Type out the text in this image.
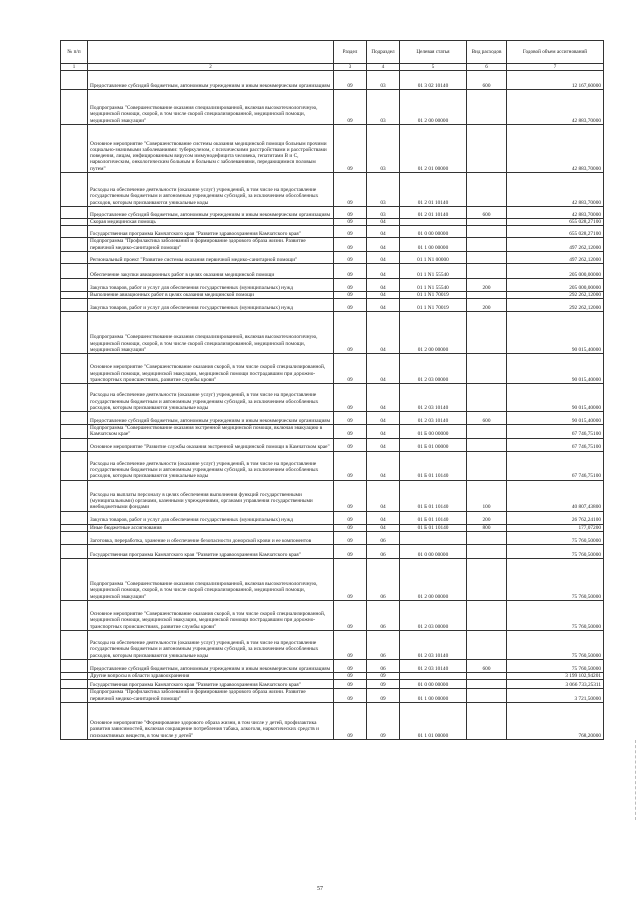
№ п/п		Раздел	Подраздел	Целевая статья	Вид расходов	Годовой объем ассигнований
1	2	3	4	5	6	7
	Предоставление субсидий бюджетным, автономным учреждениям и иным некоммерческим организациям	09	03	01 3 02 10140	600	12 167,60000
	Подпрограмма "Совершенствование оказания специализированной, включая высокотехнологичную, медицинской помощи, скорой, в том числе скорой специализированной, медицинской помощи, медицинской эвакуации"	09	03	01 2 00 00000		42 883,70000
	Основное мероприятие "Совершенствование системы оказания медицинской помощи больным прочими социально-значимыми заболеваниями: туберкулезом, с психическими расстройствами и расстройствами поведения, лицам, инфицированным вирусом иммунодефицита человека, гепатитами B и C, наркологическим, онкологическим больным и больным с заболеваниями, передающимися половым путем"	09	03	01 2 01 00000		42 883,70000
	Расходы на обеспечение деятельности (оказание услуг) учреждений, в том числе на предоставление государственным бюджетным и автономным учреждениям субсидий, за исключением обособленных расходов, которым присваиваются уникальные коды	09	03	01 2 01 10140		42 883,70000
	Предоставление субсидий бюджетным, автономным учреждениям и иным некоммерческим организациям	09	03	01 2 01 10140	600	42 883,70000
	Скорая медицинская помощь	09	04			655 028,27100
	Государственная программа Камчатского края "Развитие здравоохранения Камчатского края"	09	04	01 0 00 00000		655 028,27100
	Подпрограмма "Профилактика заболеваний и формирование здорового образа жизни. Развитие первичной медико-санитарной помощи"	09	04	01 1 00 00000		497 262,12000
	Региональный проект "Развитие системы оказания первичной медико-санитарной помощи"	09	04	01 1 N1 00000		497 262,12000
	Обеспечение закупки авиационных работ в целях оказания медицинской помощи	09	04	01 1 N1 55540		205 000,00000
	Закупка товаров, работ и услуг для обеспечения государственных (муниципальных) нужд	09	04	01 1 N1 55540	200	205 000,00000
	Выполнение авиационных работ в целях оказания медицинской помощи	09	04	01 1 N1 70019		292 262,12000
	Закупка товаров, работ и услуг для обеспечения государственных (муниципальных) нужд	09	04	01 1 N1 70019	200	292 262,12000
	Подпрограмма "Совершенствование оказания специализированной, включая высокотехнологичную, медицинской помощи, скорой, в том числе скорой специализированной, медицинской помощи, медицинской эвакуации"	09	04	01 2 00 00000		90 015,40000
	Основное мероприятие "Совершенствование оказания скорой, в том числе скорой специализированной, медицинской помощи, медицинской эвакуации, медицинской помощи пострадавшим при дорожно-транспортных происшествиях, развитие службы крови"	09	04	01 2 03 00000		90 015,40000
	Расходы на обеспечение деятельности (оказание услуг) учреждений, в том числе на предоставление государственным бюджетным и автономным учреждениям субсидий, за исключением обособленных расходов, которым присваиваются уникальные коды	09	04	01 2 03 10140		90 015,40000
	Предоставление субсидий бюджетным, автономным учреждениям и иным некоммерческим организациям	09	04	01 2 03 10140	600	90 015,40000
	Подпрограмма "Совершенствование оказания экстренной медицинской помощи, включая эвакуацию в Камчатском крае"	09	04	01 Б 00 00000		67 746,75100
	Основное мероприятие "Развитие службы оказания экстренной медицинской помощи в Камчатском крае"	09	04	01 Б 01 00000		67 746,75100
	Расходы на обеспечение деятельности (оказание услуг) учреждений, в том числе на предоставление государственным бюджетным и автономным учреждениям субсидий, за исключением обособленных расходов, которым присваиваются уникальные коды	09	04	01 Б 01 10140		67 746,75100
	Расходы на выплаты персоналу в целях обеспечения выполнения функций государственными (муниципальными) органами, казенными учреждениями, органами управления государственными внебюджетными фондами	09	04	01 Б 01 10140	100	40 807,43800
	Закупка товаров, работ и услуг для обеспечения государственных (муниципальных) нужд	09	04	01 Б 01 10140	200	26 762,24100
	Иные бюджетные ассигнования	09	04	01 Б 01 10140	800	177,07200
	Заготовка, переработка, хранение и обеспечение безопасности донорской крови и ее компонентов	09	06			75 760,50000
	Государственная программа Камчатского края "Развитие здравоохранения Камчатского края"	09	06	01 0 00 00000		75 760,50000
	Подпрограмма "Совершенствование оказания специализированной, включая высокотехнологичную, медицинской помощи, скорой, в том числе скорой специализированной, медицинской помощи, медицинской эвакуации"	09	06	01 2 00 00000		75 760,50000
	Основное мероприятие "Совершенствование оказания скорой, в том числе скорой специализированной, медицинской помощи, медицинской эвакуации, медицинской помощи пострадавшим при дорожно-транспортных происшествиях, развитие службы крови"	09	06	01 2 03 00000		75 760,50000
	Расходы на обеспечение деятельности (оказание услуг) учреждений, в том числе на предоставление государственным бюджетным и автономным учреждениям субсидий, за исключением обособленных расходов, которым присваиваются уникальные коды	09	06	01 2 03 10140		75 760,50000
	Предоставление субсидий бюджетным, автономным учреждениям и иным некоммерческим организациям	09	06	01 2 03 10140	600	75 760,50000
	Другие вопросы в области здравоохранения	09	09			3 199 102,94201
	Государственная программа Камчатского края "Развитие здравоохранения Камчатского края"	09	09	01 0 00 00000		3 066 733,25311
	Подпрограмма "Профилактика заболеваний и формирование здорового образа жизни. Развитие первичной медико-санитарной помощи"	09	09	01 1 00 00000		3 721,50000
	Основное мероприятие "Формирование здорового образа жизни, в том числе у детей, профилактика развития зависимостей, включая сокращение потребления табака, алкоголя, наркотических средств и психоактивных веществ, в том числе у детей"	09	09	01 1 01 00000		768,20000
57
